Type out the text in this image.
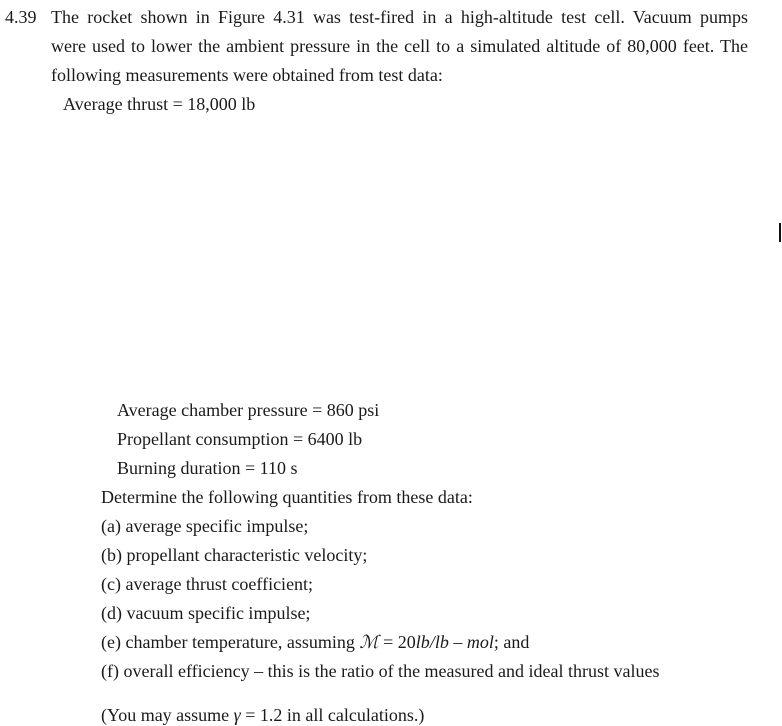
4.39 The rocket shown in Figure 4.31 was test-fired in a high-altitude test cell. Vacuum pumps
were used to lower the ambient pressure in the cell to a simulated altitude of 80,000 feet. The
following measurements were obtained from test data:
Average thrust = 18,000 lb
Average chamber pressure = 860 psi
Propellant consumption = 6400 lb
Burning duration = 110 s
Determine the following quantities from these data:
(a) average specific impulse;
(b) propellant characteristic velocity;
(c) average thrust coefficient;
(d) vacuum specific impulse;
(e) chamber temperature, assuming ℳ = 20lb/lb – mol; and
(f) overall efficiency – this is the ratio of the measured and ideal thrust values
(You may assume γ = 1.2 in all calculations.)
